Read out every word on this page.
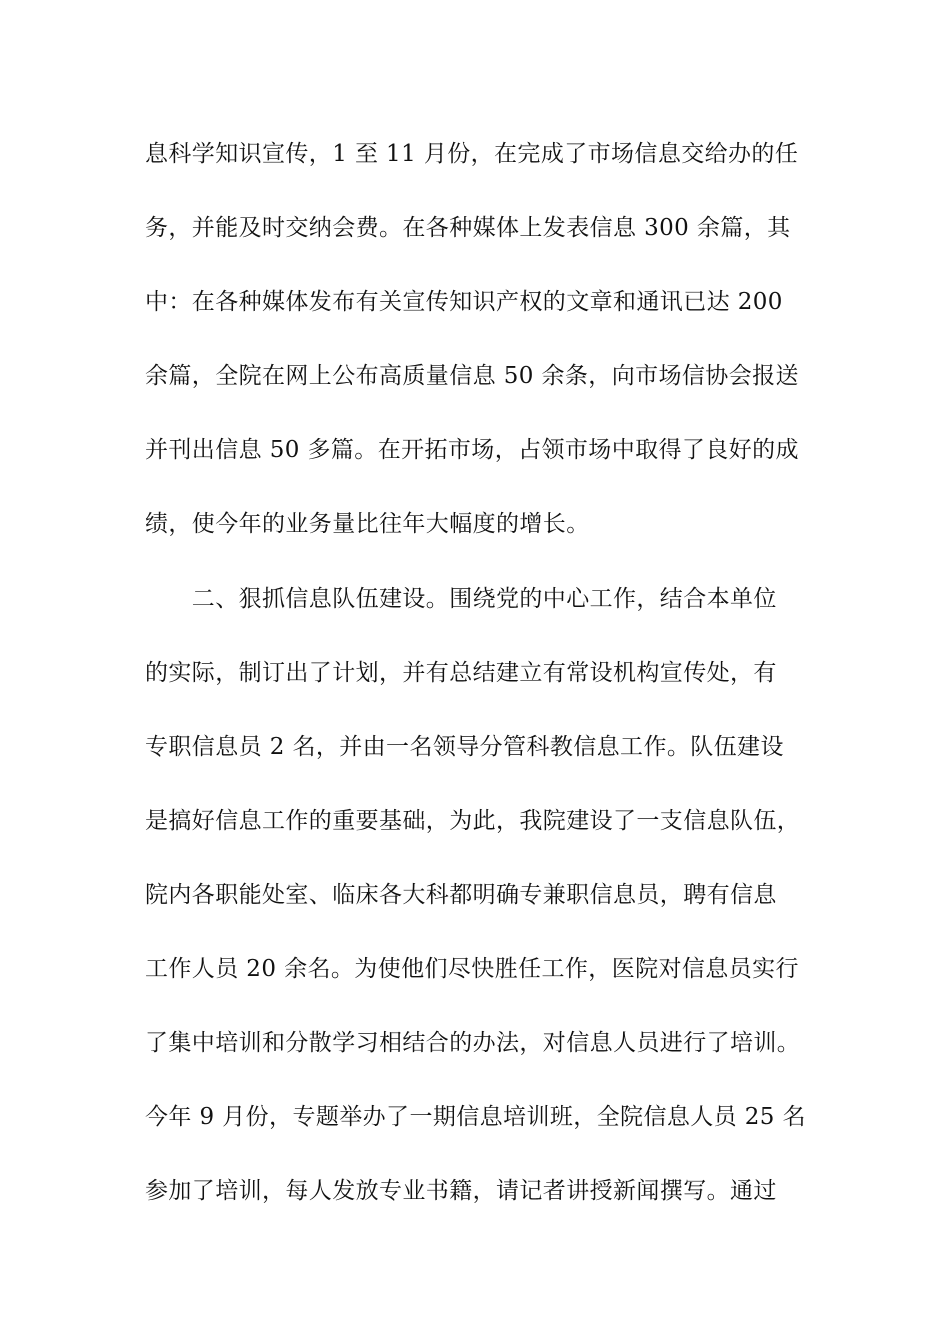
息科学知识宣传，1 至 11 月份，在完成了市场信息交给办的任
务，并能及时交纳会费。在各种媒体上发表信息 300 余篇，其
中：在各种媒体发布有关宣传知识产权的文章和通讯已达 200
余篇，全院在网上公布高质量信息 50 余条，向市场信协会报送
并刊出信息 50 多篇。在开拓市场，占领市场中取得了良好的成
绩，使今年的业务量比往年大幅度的增长。
　　二、狠抓信息队伍建设。围绕党的中心工作，结合本单位
的实际，制订出了计划，并有总结建立有常设机构宣传处，有
专职信息员 2 名，并由一名领导分管科教信息工作。队伍建设
是搞好信息工作的重要基础，为此，我院建设了一支信息队伍，
院内各职能处室、临床各大科都明确专兼职信息员，聘有信息
工作人员 20 余名。为使他们尽快胜任工作，医院对信息员实行
了集中培训和分散学习相结合的办法，对信息人员进行了培训。
今年 9 月份，专题举办了一期信息培训班，全院信息人员 25 名
参加了培训，每人发放专业书籍，请记者讲授新闻撰写。通过
